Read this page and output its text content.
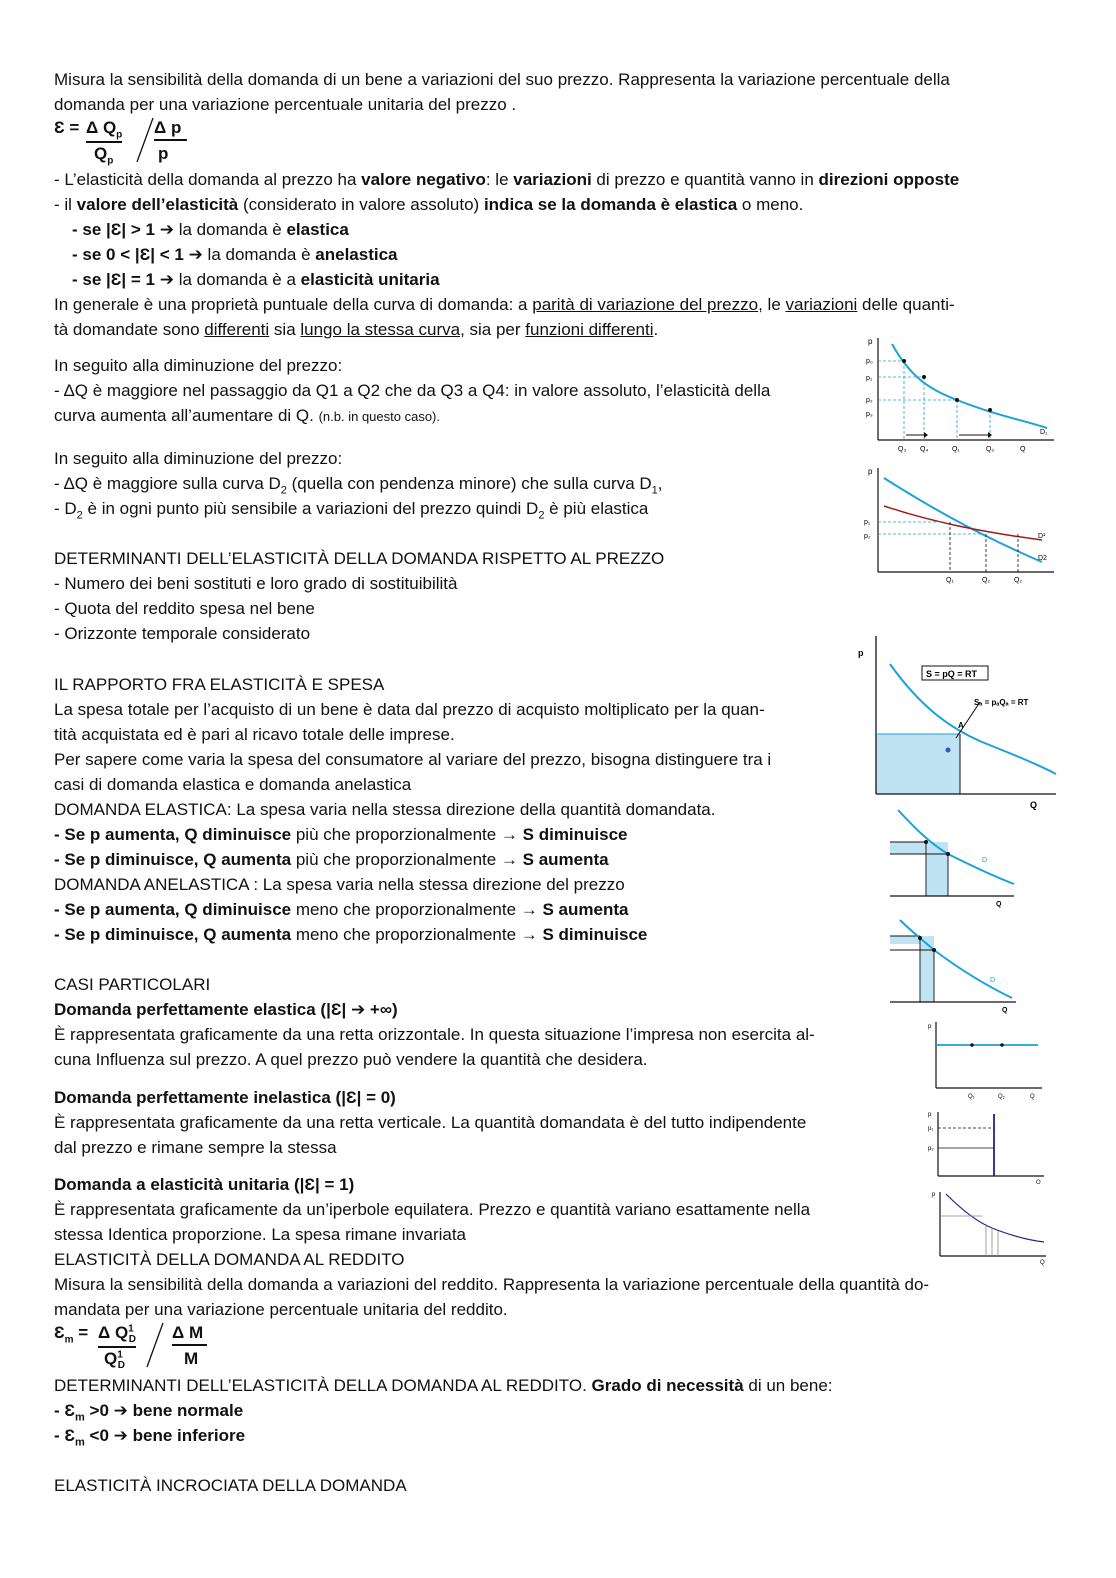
Misura la sensibilità della domanda di un bene a variazioni del suo prezzo. Rappresenta la variazione percentuale della
domanda per una variazione percentuale unitaria del prezzo .
Ɛ = Δ $Q_p$
$Q_p$
Δ p
p
- L’elasticità della domanda al prezzo ha valore negativo: le variazioni di prezzo e quantità vanno in direzioni opposte
- il valore dell’elasticità (considerato in valore assoluto) indica se la domanda è elastica o meno.
- se |Ɛ| > 1 ➔ la domanda è elastica
- se 0 < |Ɛ| < 1 ➔ la domanda è anelastica
- se |Ɛ| = 1 ➔ la domanda è a elasticità unitaria
In generale è una proprietà puntuale della curva di domanda: a parità di variazione del prezzo, le variazioni delle quanti-
tà domandate sono differenti sia lungo la stessa curva, sia per funzioni differenti.
In seguito alla diminuzione del prezzo:
- ΔQ è maggiore nel passaggio da Q1 a Q2 che da Q3 a Q4: in valore assoluto, l’elasticità della
curva aumenta all’aumentare di Q. (n.b. in questo caso).
In seguito alla diminuzione del prezzo:
- ΔQ è maggiore sulla curva $D_2$ (quella con pendenza minore) che sulla curva $D_1$,
- $D_2$ è in ogni punto più sensibile a variazioni del prezzo quindi $D_2$ è più elastica
DETERMINANTI DELL’ELASTICITÀ DELLA DOMANDA RISPETTO AL PREZZO
- Numero dei beni sostituti e loro grado di sostituibilità
- Quota del reddito spesa nel bene
- Orizzonte temporale considerato
IL RAPPORTO FRA ELASTICITÀ E SPESA
La spesa totale per l’acquisto di un bene è data dal prezzo di acquisto moltiplicato per la quan-
tità acquistata ed è pari al ricavo totale delle imprese.
Per sapere come varia la spesa del consumatore al variare del prezzo, bisogna distinguere tra i
casi di domanda elastica e domanda anelastica
DOMANDA ELASTICA: La spesa varia nella stessa direzione della quantità domandata.
- Se p aumenta, Q diminuisce più che proporzionalmente → S diminuisce
- Se p diminuisce, Q aumenta più che proporzionalmente → S aumenta
DOMANDA ANELASTICA : La spesa varia nella stessa direzione del prezzo
- Se p aumenta, Q diminuisce meno che proporzionalmente → S aumenta
- Se p diminuisce, Q aumenta meno che proporzionalmente → S diminuisce
CASI PARTICOLARI
Domanda perfettamente elastica (|Ɛ| ➔ +∞)
È rappresentata graficamente da una retta orizzontale. In questa situazione l’impresa non esercita al-
cuna Influenza sul prezzo. A quel prezzo può vendere la quantità che desidera.
Domanda perfettamente inelastica (|Ɛ| = 0)
È rappresentata graficamente da una retta verticale. La quantità domandata è del tutto indipendente
dal prezzo e rimane sempre la stessa
Domanda a elasticità unitaria (|Ɛ| = 1)
È rappresentata graficamente da un’iperbole equilatera. Prezzo e quantità variano esattamente nella
stessa Identica proporzione. La spesa rimane invariata
ELASTICITÀ DELLA DOMANDA AL REDDITO
Misura la sensibilità della domanda a variazioni del reddito. Rappresenta la variazione percentuale della quantità do-
mandata per una variazione percentuale unitaria del reddito.
$Ɛ_m = \Delta$ $Q^1_D$
$Q^1_D$
Δ M
M
DETERMINANTI DELL’ELASTICITÀ DELLA DOMANDA AL REDDITO. Grado di necessità di un bene:
- $Ɛ_m >0$ ➔ bene normale
- $Ɛ_m <0$ ➔ bene inferiore
ELASTICITÀ INCROCIATA DELLA DOMANDA
p
p₀
p₁
p₂
p₃
Q₃ Q₄	Q₁	Q₂	Q
D₁
p
p₁
p₂
Q₁	Q₂	Q₂
D¹
D2
S = pQ = RT
Sₐ = pₐQₐ = RT
A
p
Q
D
Q
D
Q
p
Q₁	Q₂	Q
p
p₁
p₂
Q
p
Q
